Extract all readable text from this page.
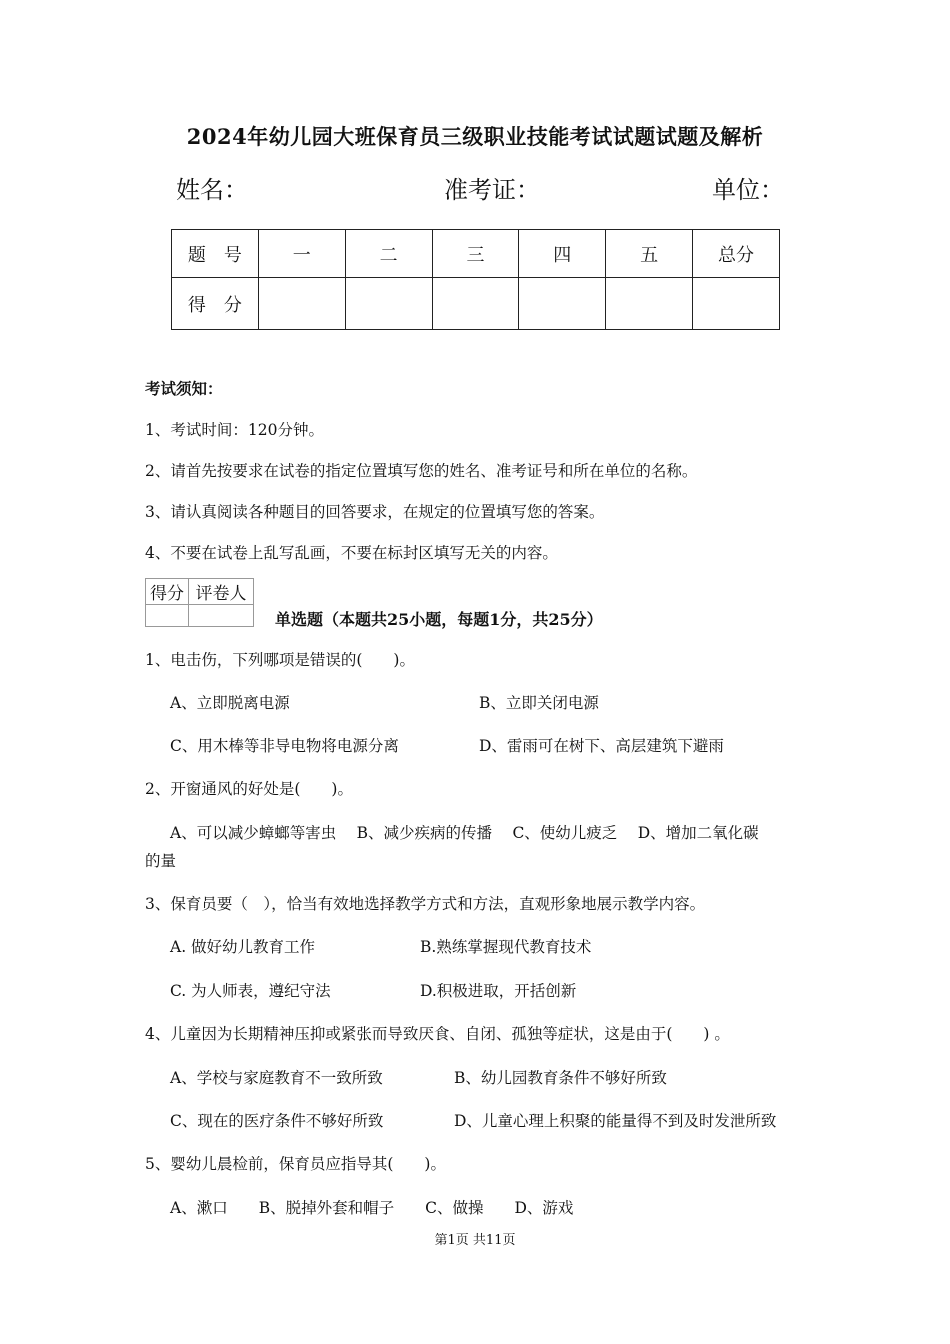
2024年幼儿园大班保育员三级职业技能考试试题试题及解析
姓名：	准考证：	单位：
题　号	一	二	三	四	五	总分
得　分						
考试须知：
1、考试时间：120分钟。
2、请首先按要求在试卷的指定位置填写您的姓名、准考证号和所在单位的名称。
3、请认真阅读各种题目的回答要求，在规定的位置填写您的答案。
4、不要在试卷上乱写乱画，不要在标封区填写无关的内容。
得分	评卷人

单选题（本题共25小题，每题1分，共25分）
1、电击伤，下列哪项是错误的(　　)。
A、立即脱离电源	B、立即关闭电源
C、用木棒等非导电物将电源分离	D、雷雨可在树下、高层建筑下避雨
2、开窗通风的好处是(　　)。
A、可以减少蟑螂等害虫　 B、减少疾病的传播　 C、使幼儿疲乏　 D、增加二氧化碳
的量
3、保育员要（　），恰当有效地选择教学方式和方法，直观形象地展示教学内容。
A. 做好幼儿教育工作	B.熟练掌握现代教育技术
C. 为人师表，遵纪守法	D.积极进取，开括创新
4、儿童因为长期精神压抑或紧张而导致厌食、自闭、孤独等症状，这是由于(　　) 。
A、学校与家庭教育不一致所致	B、幼儿园教育条件不够好所致
C、现在的医疗条件不够好所致	D、儿童心理上积聚的能量得不到及时发泄所致
5、婴幼儿晨检前，保育员应指导其(　　)。
A、漱口　　B、脱掉外套和帽子　　C、做操　　D、游戏
第1页 共11页
